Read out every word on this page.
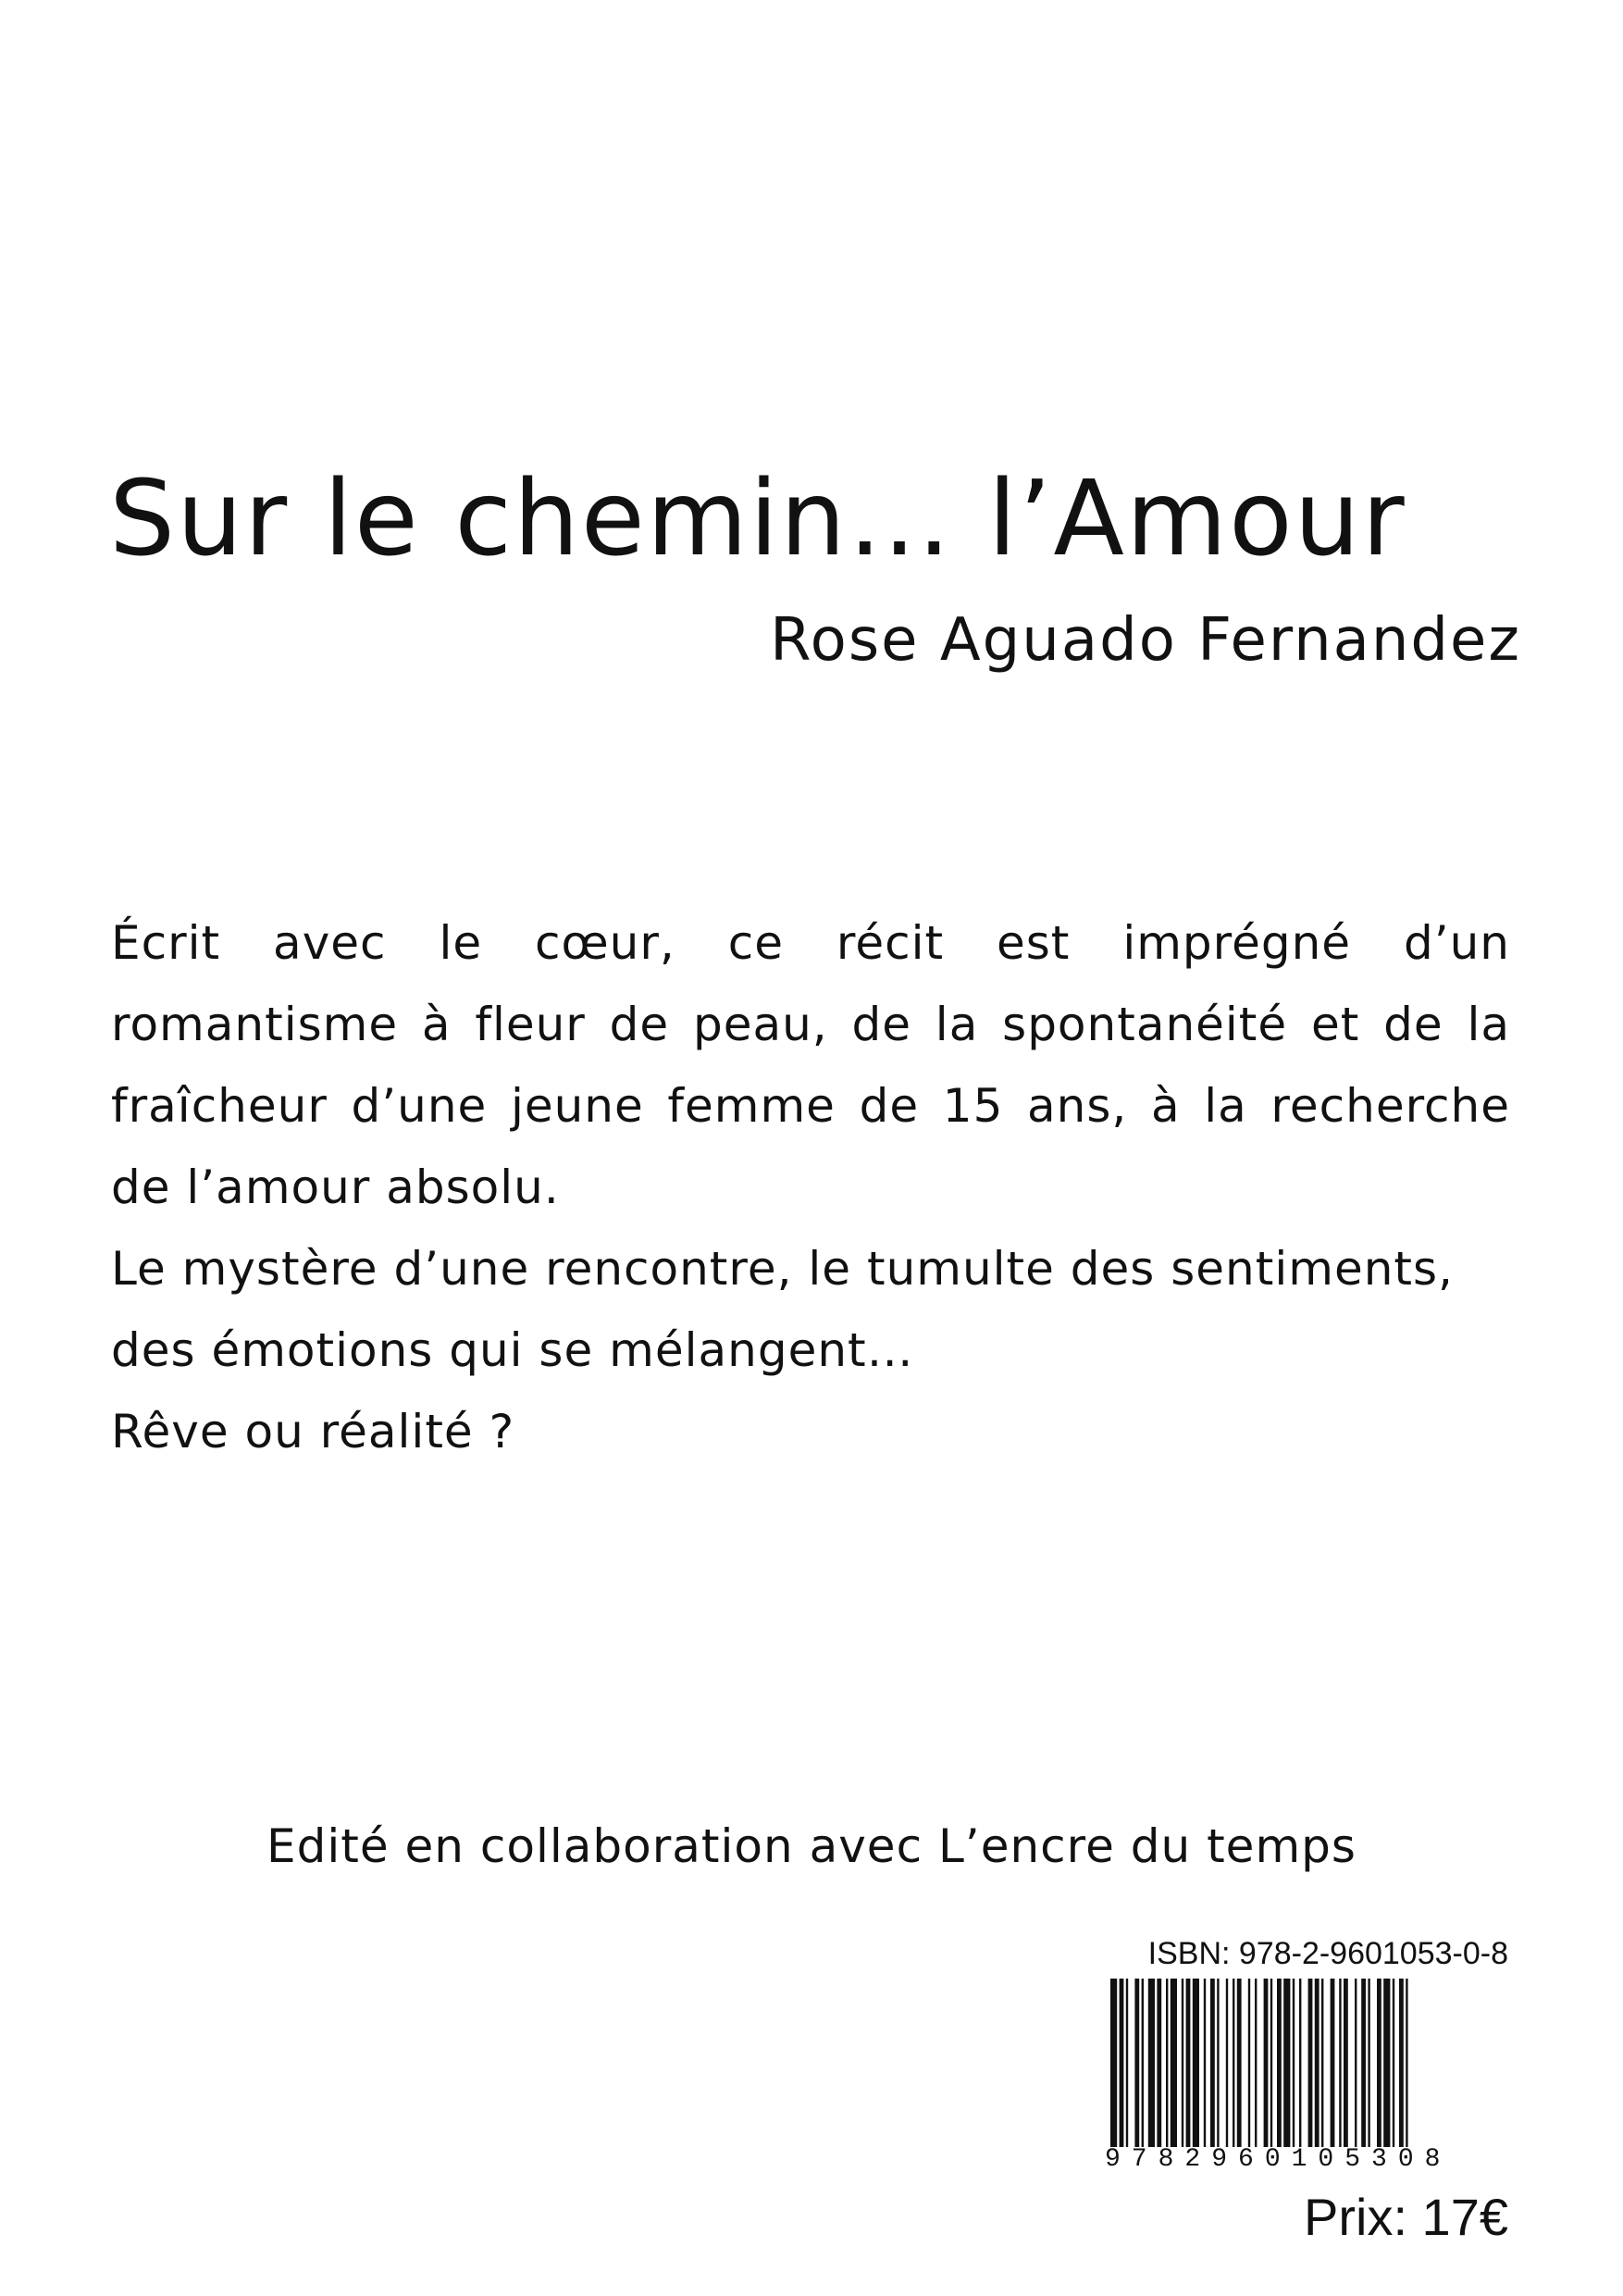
Sur le chemin… l’Amour
Rose Aguado Fernandez
Écrit avec le cœur, ce récit est imprégné d’un
romantisme à fleur de peau, de la spontanéité et de la
fraîcheur d’une jeune femme de 15 ans, à la recherche

de l’amour absolu.

Le mystère d’une rencontre, le tumulte des sentiments,

des émotions qui se mélangent…

Rêve ou réalité ?

Edité en collaboration avec L’encre du temps
ISBN: 978-2-9601053-0-8
9782960105308
Prix: 17€
